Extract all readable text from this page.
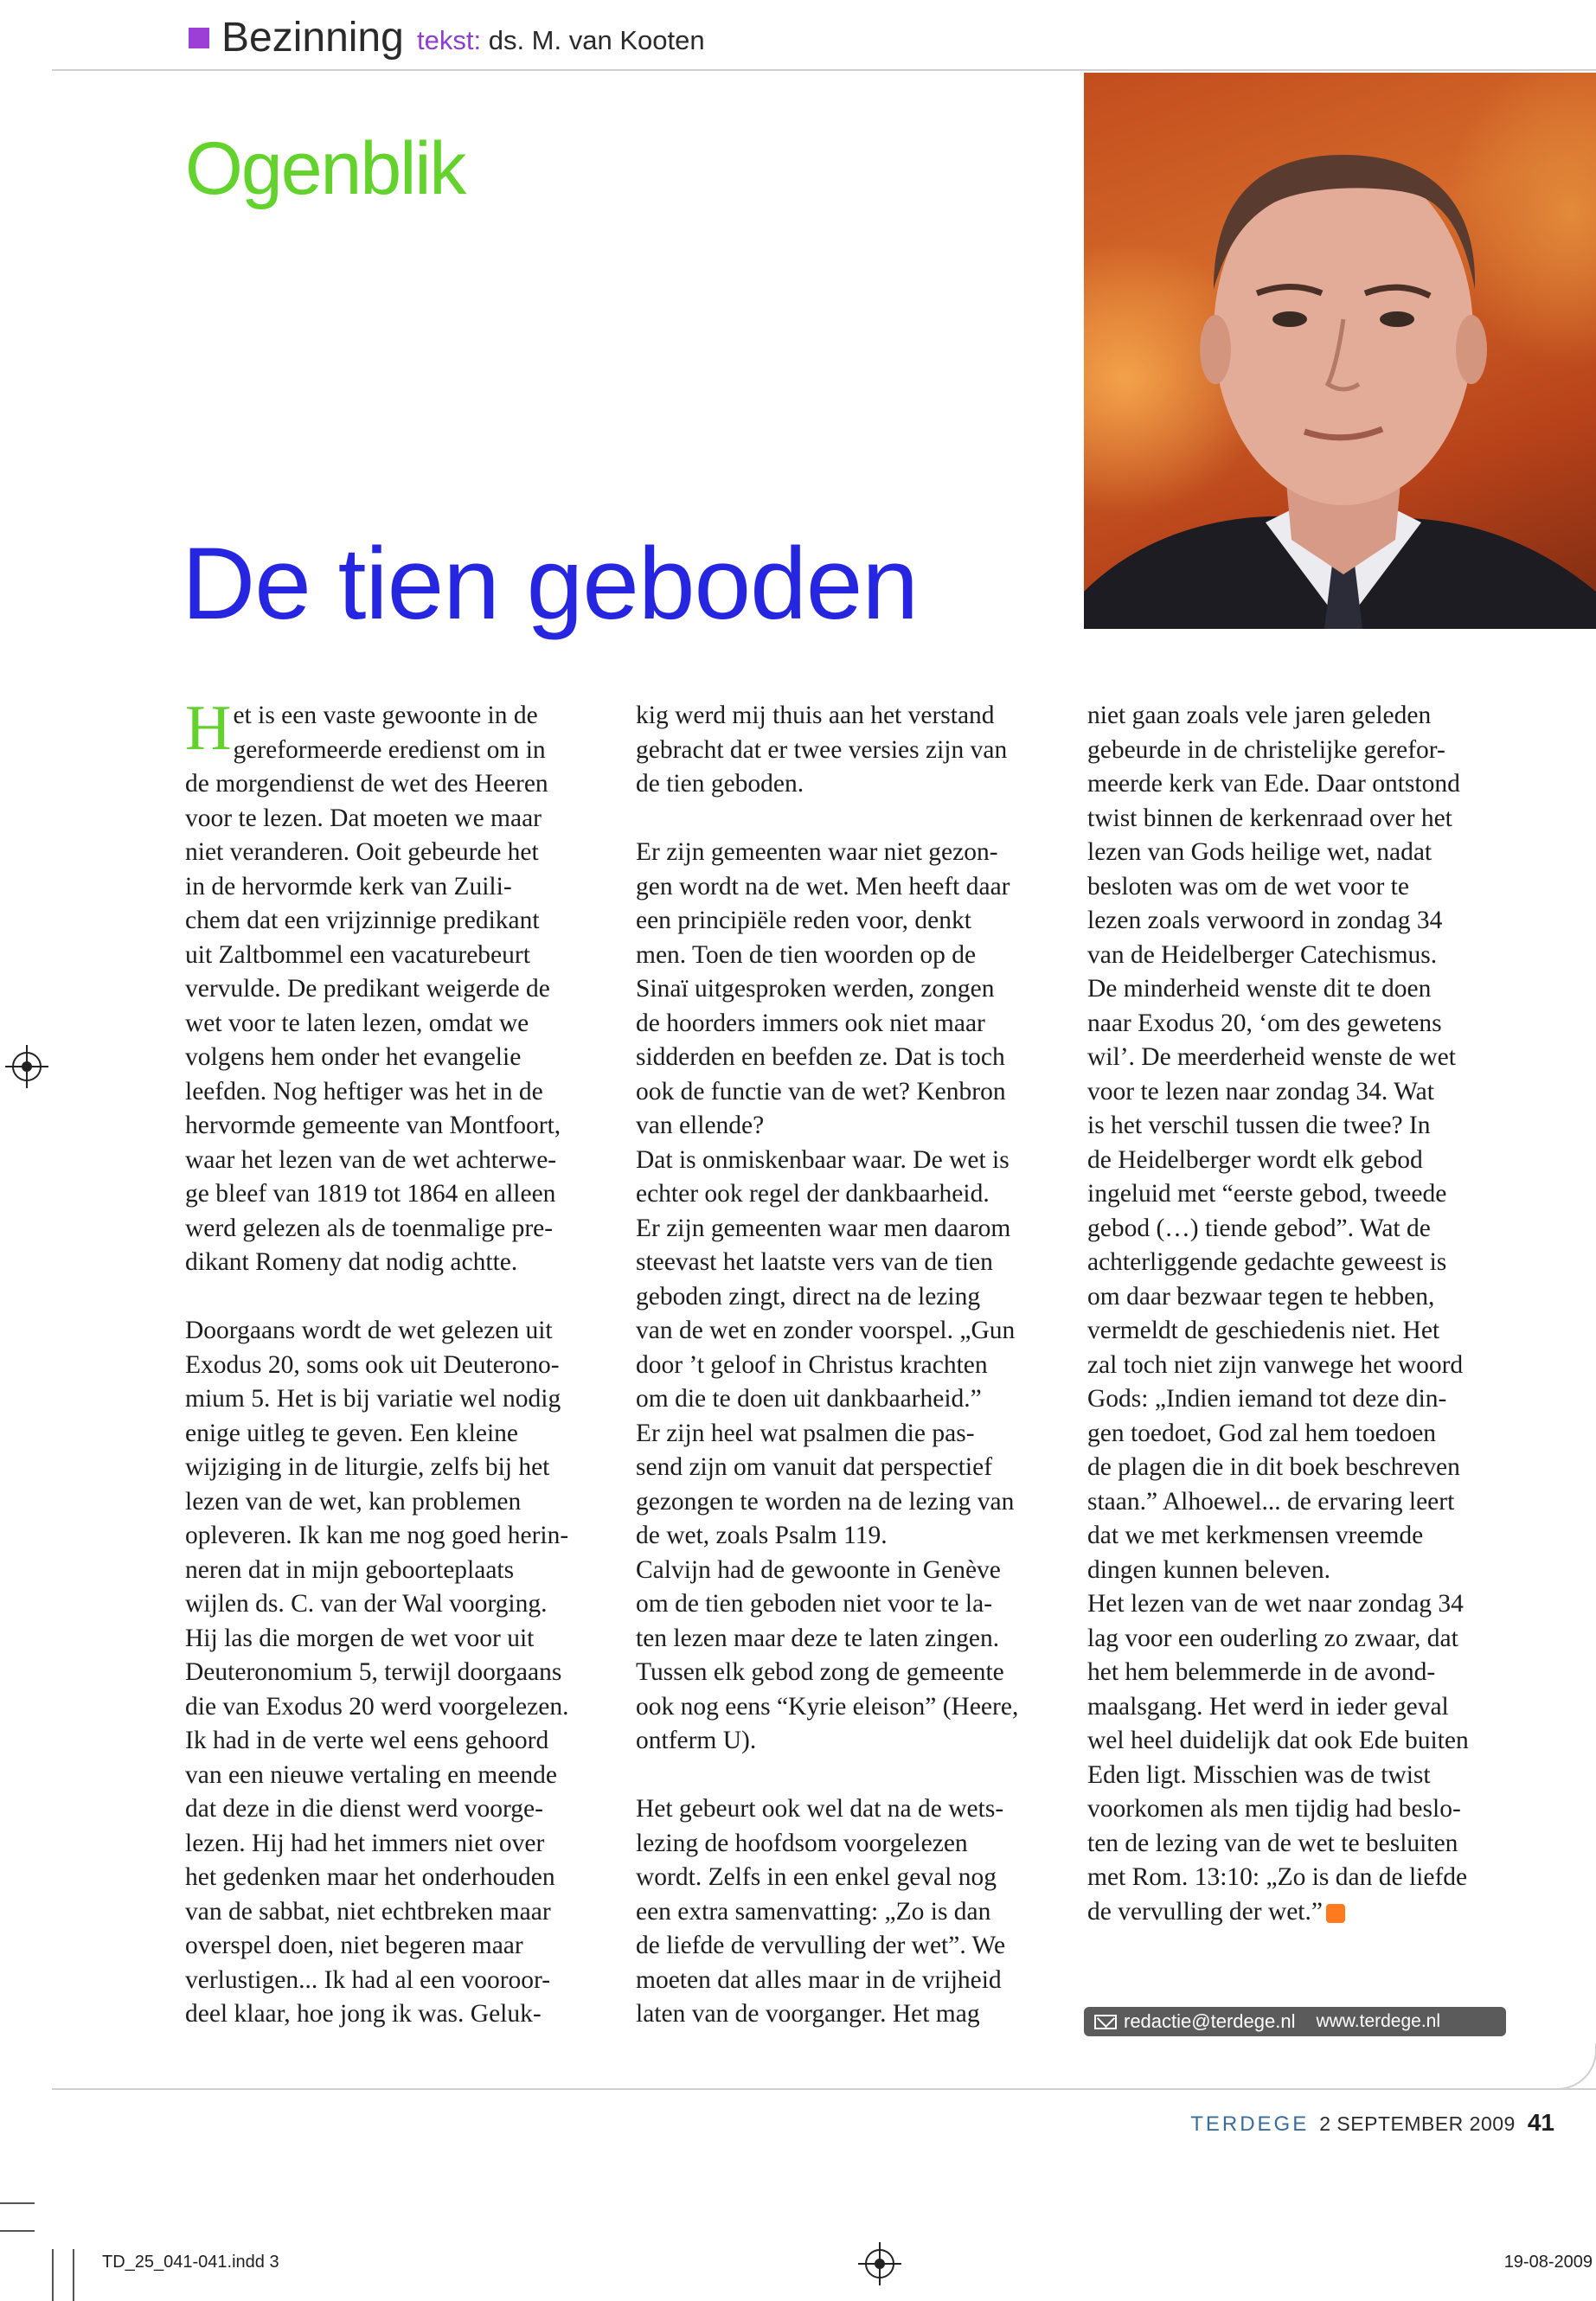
Bezinning tekst: ds. M. van Kooten
Ogenblik
De tien geboden

H et is een vaste gewoonte in de
gereformeerde eredienst om in
de morgendienst de wet des Heeren
voor te lezen. Dat moeten we maar
niet veranderen. Ooit gebeurde het
in de hervormde kerk van Zuili-
chem dat een vrijzinnige predikant
uit Zaltbommel een vacaturebeurt
vervulde. De predikant weigerde de
wet voor te laten lezen, omdat we
volgens hem onder het evangelie
leefden. Nog heftiger was het in de
hervormde gemeente van Montfoort,
waar het lezen van de wet achterwe-
ge bleef van 1819 tot 1864 en alleen
werd gelezen als de toenmalige pre-
dikant Romeny dat nodig achtte.

Doorgaans wordt de wet gelezen uit
Exodus 20, soms ook uit Deuterono-
mium 5. Het is bij variatie wel nodig
enige uitleg te geven. Een kleine
wijziging in de liturgie, zelfs bij het
lezen van de wet, kan problemen
opleveren. Ik kan me nog goed herin-
neren dat in mijn geboorteplaats
wijlen ds. C. van der Wal voorging.
Hij las die morgen de wet voor uit
Deuteronomium 5, terwijl doorgaans
die van Exodus 20 werd voorgelezen.
Ik had in de verte wel eens gehoord
van een nieuwe vertaling en meende
dat deze in die dienst werd voorge-
lezen. Hij had het immers niet over
het gedenken maar het onderhouden
van de sabbat, niet echtbreken maar
overspel doen, niet begeren maar
verlustigen... Ik had al een vooroor-
deel klaar, hoe jong ik was. Geluk-

kig werd mij thuis aan het verstand
gebracht dat er twee versies zijn van
de tien geboden.

Er zijn gemeenten waar niet gezon-
gen wordt na de wet. Men heeft daar
een principiële reden voor, denkt
men. Toen de tien woorden op de
Sinaï uitgesproken werden, zongen
de hoorders immers ook niet maar
sidderden en beefden ze. Dat is toch
ook de functie van de wet? Kenbron
van ellende?

Dat is onmiskenbaar waar. De wet is
echter ook regel der dankbaarheid.
Er zijn gemeenten waar men daarom
steevast het laatste vers van de tien
geboden zingt, direct na de lezing
van de wet en zonder voorspel. „Gun
door ’t geloof in Christus krachten
om die te doen uit dankbaarheid.”

Er zijn heel wat psalmen die pas-
send zijn om vanuit dat perspectief
gezongen te worden na de lezing van
de wet, zoals Psalm 119.

Calvijn had de gewoonte in Genève
om de tien geboden niet voor te la-
ten lezen maar deze te laten zingen.
Tussen elk gebod zong de gemeente
ook nog eens “Kyrie eleison” (Heere,
ontferm U).

Het gebeurt ook wel dat na de wets-
lezing de hoofdsom voorgelezen
wordt. Zelfs in een enkel geval nog
een extra samenvatting: „Zo is dan
de liefde de vervulling der wet”. We
moeten dat alles maar in de vrijheid
laten van de voorganger. Het mag

niet gaan zoals vele jaren geleden
gebeurde in de christelijke gerefor-
meerde kerk van Ede. Daar ontstond
twist binnen de kerkenraad over het
lezen van Gods heilige wet, nadat
besloten was om de wet voor te
lezen zoals verwoord in zondag 34
van de Heidelberger Catechismus.
De minderheid wenste dit te doen
naar Exodus 20, ‘om des gewetens
wil’. De meerderheid wenste de wet
voor te lezen naar zondag 34. Wat
is het verschil tussen die twee? In
de Heidelberger wordt elk gebod
ingeluid met “eerste gebod, tweede
gebod (…) tiende gebod”. Wat de
achterliggende gedachte geweest is
om daar bezwaar tegen te hebben,
vermeldt de geschiedenis niet. Het
zal toch niet zijn vanwege het woord
Gods: „Indien iemand tot deze din-
gen toedoet, God zal hem toedoen
de plagen die in dit boek beschreven
staan.” Alhoewel... de ervaring leert
dat we met kerkmensen vreemde
dingen kunnen beleven.

Het lezen van de wet naar zondag 34
lag voor een ouderling zo zwaar, dat
het hem belemmerde in de avond-
maalsgang. Het werd in ieder geval
wel heel duidelijk dat ook Ede buiten
Eden ligt. Misschien was de twist
voorkomen als men tijdig had beslo-
ten de lezing van de wet te besluiten
met Rom. 13:10: „Zo is dan de liefde
de vervulling der wet.”

redactie@terdege.nl www.terdege.nl
TERDEGE 2 SEPTEMBER 2009 41
TD_25_041-041.indd 3	19-08-2009
